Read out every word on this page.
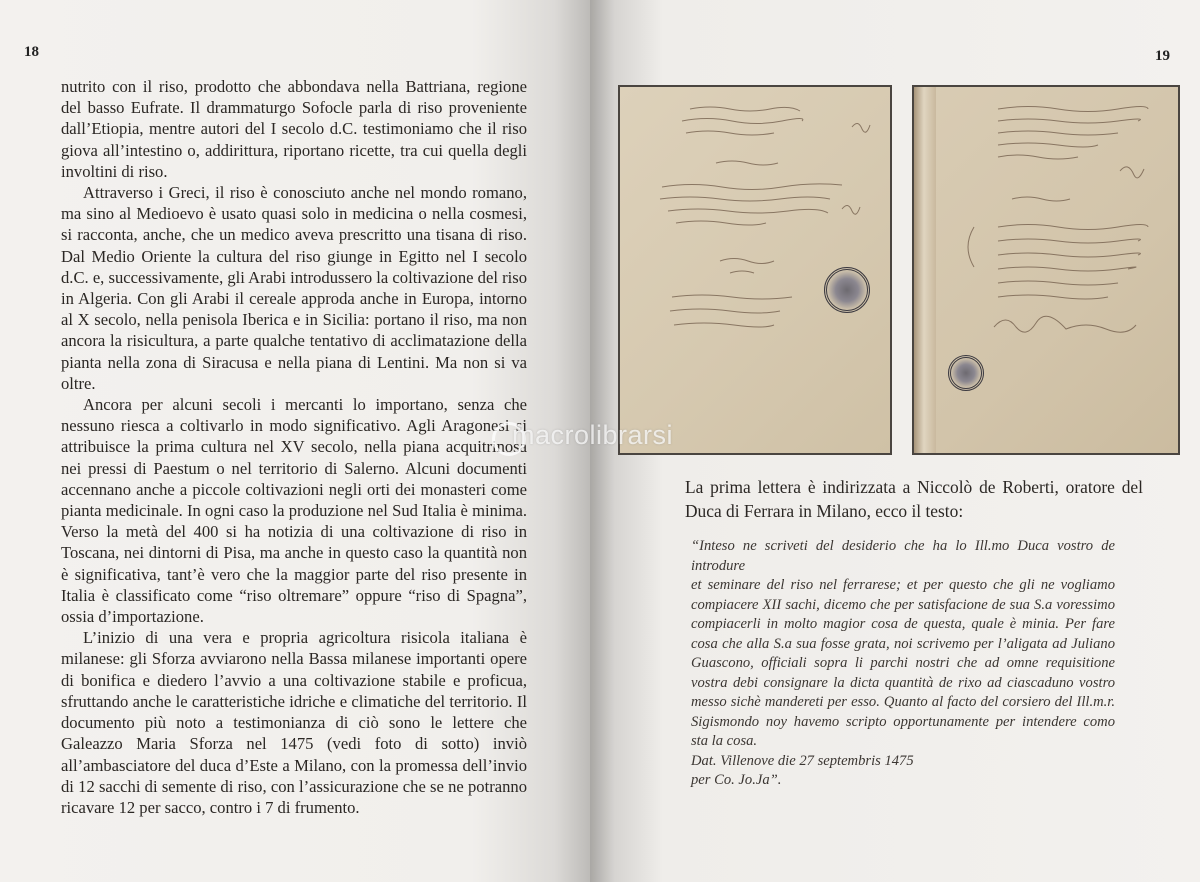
18

nutrito con il riso, prodotto che abbondava nella Battriana, regione del basso Eufrate. Il drammaturgo Sofocle parla di riso proveniente dall’Etiopia, mentre autori del I secolo d.C. testimoniamo che il riso giova all’intestino o, addirittura, riportano ricette, tra cui quella degli involtini di riso.

Attraverso i Greci, il riso è conosciuto anche nel mondo romano, ma sino al Medioevo è usato quasi solo in medicina o nella cosmesi, si racconta, anche, che un medico aveva prescritto una tisana di riso. Dal Medio Oriente la cultura del riso giunge in Egitto nel I secolo d.C. e, successivamente, gli Arabi introdussero la coltivazione del riso in Algeria. Con gli Arabi il cereale approda anche in Europa, intorno al X secolo, nella penisola Iberica e in Sicilia: portano il riso, ma non ancora la risicultura, a parte qualche tentativo di acclimatazione della pianta nella zona di Siracusa e nella piana di Lentini. Ma non si va oltre.

Ancora per alcuni secoli i mercanti lo importano, senza che nessuno riesca a coltivarlo in modo significativo. Agli Aragonesi si attribuisce la prima cultura nel XV secolo, nella piana acquitrinosa nei pressi di Paestum o nel territorio di Salerno. Alcuni documenti accennano anche a piccole coltivazioni negli orti dei monasteri come pianta medicinale. In ogni caso la produzione nel Sud Italia è minima. Verso la metà del 400 si ha notizia di una coltivazione di riso in Toscana, nei dintorni di Pisa, ma anche in questo caso la quantità non è significativa, tant’è vero che la maggior parte del riso presente in Italia è classificato come “riso oltremare” oppure “riso di Spagna”, ossia d’importazione.

L’inizio di una vera e propria agricoltura risicola italiana è milanese: gli Sforza avviarono nella Bassa milanese importanti opere di bonifica e diedero l’avvio a una coltivazione stabile e proficua, sfruttando anche le caratteristiche idriche e climatiche del territorio. Il documento più noto a testimonianza di ciò sono le lettere che Galeazzo Maria Sforza nel 1475 (vedi foto di sotto) inviò all’ambasciatore del duca d’Este a Milano, con la promessa dell’invio di 12 sacchi di semente di riso, con l’assicurazione che se ne potranno ricavare 12 per sacco, contro i 7 di frumento.

19
La prima lettera è indirizzata a Niccolò de Roberti, oratore del Duca di Ferrara in Milano, ecco il testo:
“Inteso ne scriveti del desiderio che ha lo Ill.mo Duca vostro de introdure
et seminare del riso nel ferrarese; et per questo che gli ne vogliamo
compiacere XII sachi, dicemo che per satisfacione de sua S.a voressimo
compiacerli in molto magior cosa de questa, quale è minia. Per fare
cosa che alla S.a sua fosse grata, noi scrivemo per l’aligata ad Juliano
Guascono, officiali sopra li parchi nostri che ad omne requisitione
vostra debi consignare la dicta quantità de rixo ad ciascaduno vostro
messo sichè mandereti per esso. Quanto al facto del corsiero del Ill.m.r.
Sigismondo noy havemo scripto opportunamente per intendere como
sta la cosa.
Dat. Villenove die 27 septembris 1475
per Co. Jo.Ja”.
macrolibrarsi
